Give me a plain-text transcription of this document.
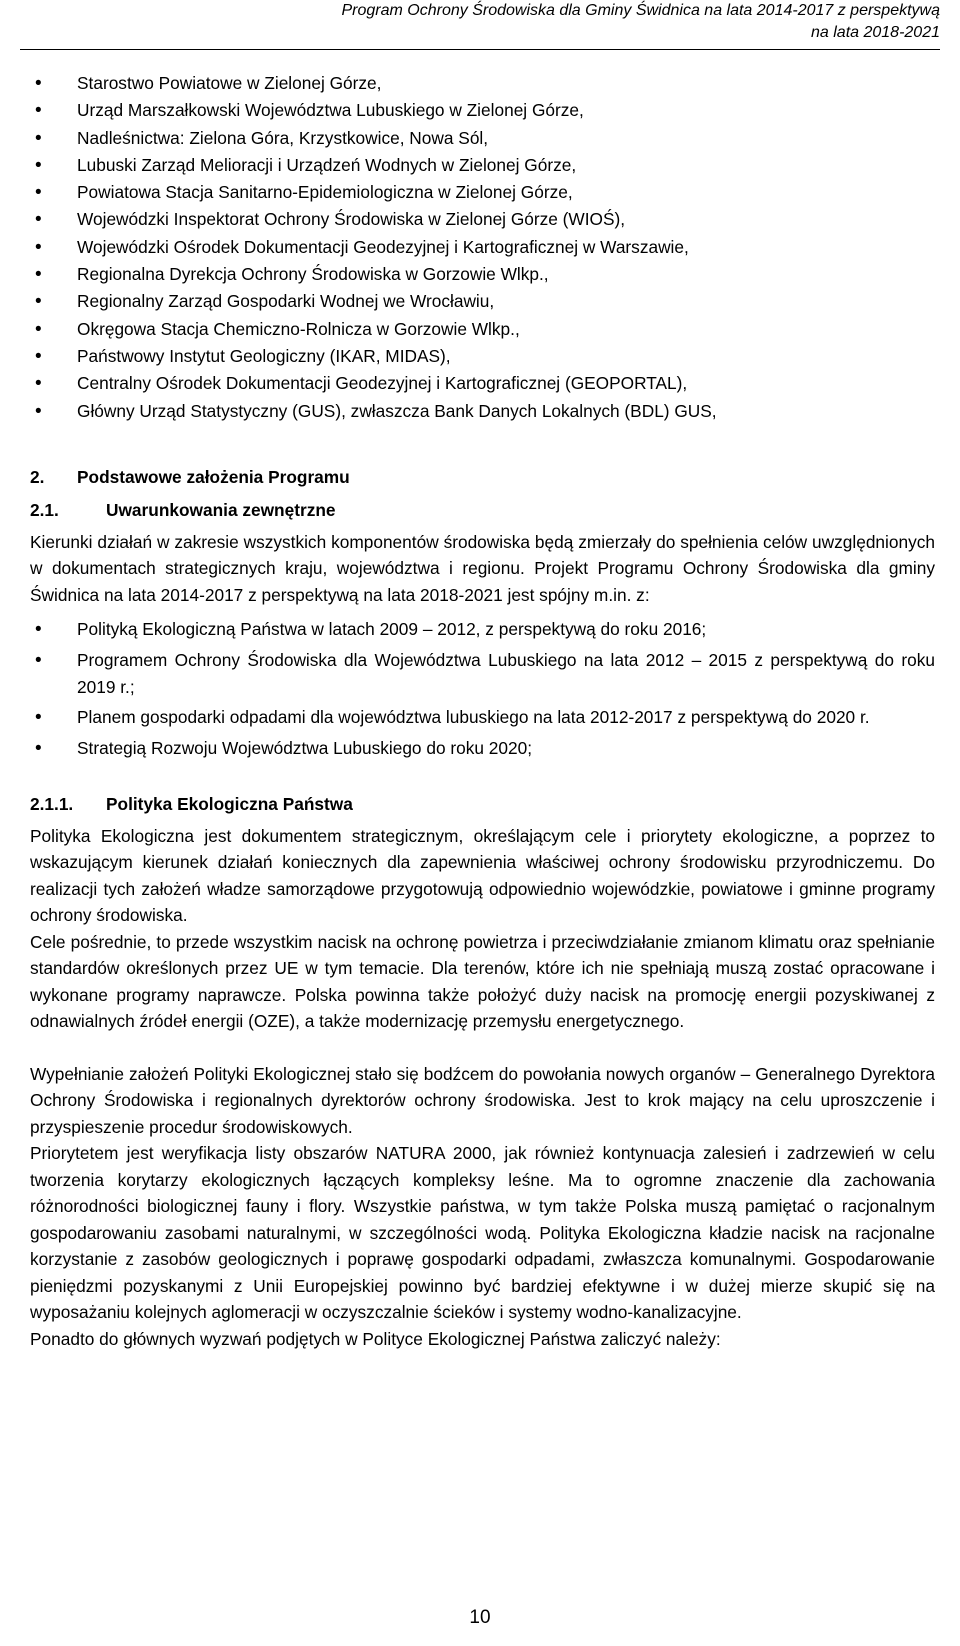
Program Ochrony Środowiska dla Gminy Świdnica na lata 2014-2017 z perspektywą
na lata 2018-2021
• Starostwo Powiatowe w Zielonej Górze,
• Urząd Marszałkowski Województwa Lubuskiego w Zielonej Górze,
• Nadleśnictwa: Zielona Góra, Krzystkowice, Nowa Sól,
• Lubuski Zarząd Melioracji i Urządzeń Wodnych w Zielonej Górze,
• Powiatowa Stacja Sanitarno-Epidemiologiczna w Zielonej Górze,
• Wojewódzki Inspektorat Ochrony Środowiska w Zielonej Górze (WIOŚ),
• Wojewódzki Ośrodek Dokumentacji Geodezyjnej i Kartograficznej w Warszawie,
• Regionalna Dyrekcja Ochrony Środowiska w Gorzowie Wlkp.,
• Regionalny Zarząd Gospodarki Wodnej we Wrocławiu,
• Okręgowa Stacja Chemiczno-Rolnicza w Gorzowie Wlkp.,
• Państwowy Instytut Geologiczny (IKAR, MIDAS),
• Centralny Ośrodek Dokumentacji Geodezyjnej i Kartograficznej (GEOPORTAL),
• Główny Urząd Statystyczny (GUS), zwłaszcza Bank Danych Lokalnych (BDL) GUS,
2. Podstawowe założenia Programu
2.1.	Uwarunkowania zewnętrzne

Kierunki działań w zakresie wszystkich komponentów środowiska będą zmierzały do spełnienia celów uwzględnionych w dokumentach strategicznych kraju, województwa i regionu. Projekt Programu Ochrony Środowiska dla gminy Świdnica na lata 2014-2017 z perspektywą na lata 2018-2021 jest spójny m.in. z:

• Polityką Ekologiczną Państwa w latach 2009 – 2012, z perspektywą do roku 2016;
• Programem Ochrony Środowiska dla Województwa Lubuskiego na lata 2012 – 2015 z perspektywą do roku 2019 r.;
• Planem gospodarki odpadami dla województwa lubuskiego na lata 2012-2017 z perspektywą do 2020 r.
• Strategią Rozwoju Województwa Lubuskiego do roku 2020;
2.1.1. Polityka Ekologiczna Państwa

Polityka Ekologiczna jest dokumentem strategicznym, określającym cele i priorytety ekologiczne, a poprzez to wskazującym kierunek działań koniecznych dla zapewnienia właściwej ochrony środowisku przyrodniczemu. Do realizacji tych założeń władze samorządowe przygotowują odpowiednio wojewódzkie, powiatowe i gminne programy ochrony środowiska.

Cele pośrednie, to przede wszystkim nacisk na ochronę powietrza i przeciwdziałanie zmianom klimatu oraz spełnianie standardów określonych przez UE w tym temacie. Dla terenów, które ich nie spełniają muszą zostać opracowane i wykonane programy naprawcze. Polska powinna także położyć duży nacisk na promocję energii pozyskiwanej z odnawialnych źródeł energii (OZE), a także modernizację przemysłu energetycznego.

Wypełnianie założeń Polityki Ekologicznej stało się bodźcem do powołania nowych organów – Generalnego Dyrektora Ochrony Środowiska i regionalnych dyrektorów ochrony środowiska. Jest to krok mający na celu uproszczenie i przyspieszenie procedur środowiskowych.

Priorytetem jest weryfikacja listy obszarów NATURA 2000, jak również kontynuacja zalesień i zadrzewień w celu tworzenia korytarzy ekologicznych łączących kompleksy leśne. Ma to ogromne znaczenie dla zachowania różnorodności biologicznej fauny i flory. Wszystkie państwa, w tym także Polska muszą pamiętać o racjonalnym gospodarowaniu zasobami naturalnymi, w szczególności wodą. Polityka Ekologiczna kładzie nacisk na racjonalne korzystanie z zasobów geologicznych i poprawę gospodarki odpadami, zwłaszcza komunalnymi. Gospodarowanie pieniędzmi pozyskanymi z Unii Europejskiej powinno być bardziej efektywne i w dużej mierze skupić się na wyposażaniu kolejnych aglomeracji w oczyszczalnie ścieków i systemy wodno-kanalizacyjne.

Ponadto do głównych wyzwań podjętych w Polityce Ekologicznej Państwa zaliczyć należy:

10
